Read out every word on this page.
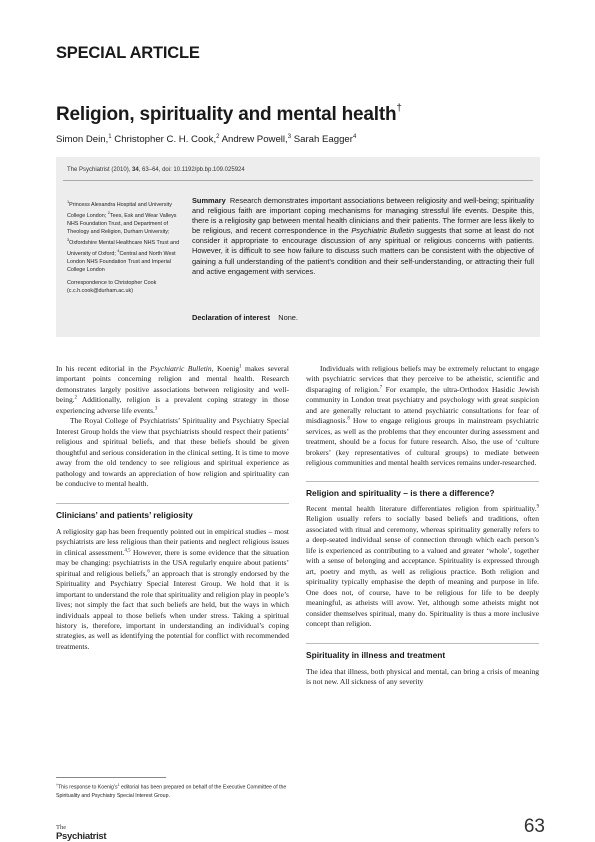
SPECIAL ARTICLE
Religion, spirituality and mental health†
Simon Dein,$^1$ Christopher C. H. Cook,$^2$ Andrew Powell,$^3$ Sarah Eagger$^4$
The Psychiatrist (2010), 34, 63–64, doi: 10.1192/pb.bp.109.025924

$^1$Princess Alexandra Hospital and University College London; $^2$Tees, Esk and Wear Valleys NHS Foundation Trust, and Department of Theology and Religion, Durham University; $^3$Oxfordshire Mental Healthcare NHS Trust and University of Oxford; $^4$Central and North West London NHS Foundation Trust and Imperial College London

Correspondence to Christopher Cook (c.c.h.cook@durham.ac.uk)

Summary Research demonstrates important associations between religiosity and well-being; spirituality and religious faith are important coping mechanisms for managing stressful life events. Despite this, there is a religiosity gap between mental health clinicians and their patients. The former are less likely to be religious, and recent correspondence in the Psychiatric Bulletin suggests that some at least do not consider it appropriate to encourage discussion of any spiritual or religious concerns with patients. However, it is difficult to see how failure to discuss such matters can be consistent with the objective of gaining a full understanding of the patient’s condition and their self-understanding, or attracting their full and active engagement with services.

Declaration of interest None.

In his recent editorial in the Psychiatric Bulletin, Koenig$^1$ makes several important points concerning religion and mental health. Research demonstrates largely positive associations between religiosity and well-being.$^2$ Additionally, religion is a prevalent coping strategy in those experiencing adverse life events.$^3$

The Royal College of Psychiatrists’ Spirituality and Psychiatry Special Interest Group holds the view that psychiatrists should respect their patients’ religious and spiritual beliefs, and that these beliefs should be given thoughtful and serious consideration in the clinical setting. It is time to move away from the old tendency to see religious and spiritual experience as pathology and towards an appreciation of how religion and spirituality can be conducive to mental health.

Clinicians’ and patients’ religiosity

A religiosity gap has been frequently pointed out in empirical studies – most psychiatrists are less religious than their patients and neglect religious issues in clinical assessment.$^{4,5}$ However, there is some evidence that the situation may be changing: psychiatrists in the USA regularly enquire about patients’ spiritual and religious beliefs,$^6$ an approach that is strongly endorsed by the Spirituality and Psychiatry Special Interest Group. We hold that it is important to understand the role that spirituality and religion play in people’s lives; not simply the fact that such beliefs are held, but the ways in which individuals appeal to those beliefs when under stress. Taking a spiritual history is, therefore, important in understanding an individual’s coping strategies, as well as identifying the potential for conflict with recommended treatments.

Individuals with religious beliefs may be extremely reluctant to engage with psychiatric services that they perceive to be atheistic, scientific and disparaging of religion.$^7$ For example, the ultra-Orthodox Hasidic Jewish community in London treat psychiatry and psychology with great suspicion and are generally reluctant to attend psychiatric consultations for fear of misdiagnosis.$^8$ How to engage religious groups in mainstream psychiatric services, as well as the problems that they encounter during assessment and treatment, should be a focus for future research. Also, the use of ‘culture brokers’ (key representatives of cultural groups) to mediate between religious communities and mental health services remains under-researched.

Religion and spirituality – is there a difference?

Recent mental health literature differentiates religion from spirituality.$^9$ Religion usually refers to socially based beliefs and traditions, often associated with ritual and ceremony, whereas spirituality generally refers to a deep-seated individual sense of connection through which each person’s life is experienced as contributing to a valued and greater ‘whole’, together with a sense of belonging and acceptance. Spirituality is expressed through art, poetry and myth, as well as religious practice. Both religion and spirituality typically emphasise the depth of meaning and purpose in life. One does not, of course, have to be religious for life to be deeply meaningful, as atheists will avow. Yet, although some atheists might not consider themselves spiritual, many do. Spirituality is thus a more inclusive concept than religion.

Spirituality in illness and treatment

The idea that illness, both physical and mental, can bring a crisis of meaning is not new. All sickness of any severity

†This response to $Koenig’s^1$ editorial has been prepared on behalf of the Executive Committee of the Spirituality and Psychiatry Special Interest Group.
The
Psychiatrist	63
